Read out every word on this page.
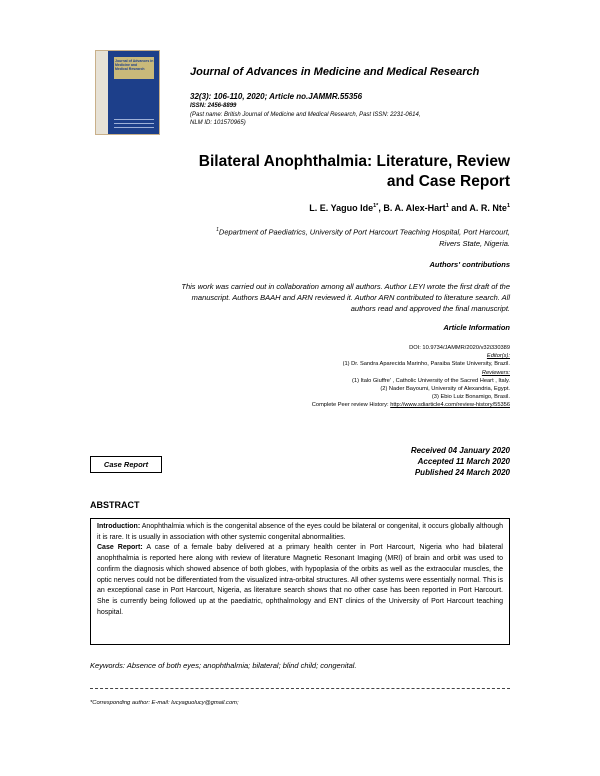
Journal of Advances in
Medicine and
Medical Research	Journal of Advances in Medicine and Medical Research
32(3): 106-110, 2020; Article no.JAMMR.55356
ISSN: 2456-8899
(Past name: British Journal of Medicine and Medical Research, Past ISSN: 2231-0614,
NLM ID: 101570965)
Bilateral Anophthalmia: Literature, Review
and Case Report
L. E. Yaguo Ide$^{1*}$, B. A. Alex-Hart$^1$ and A. R. Nte$^1$
$^1$Department of Paediatrics, University of Port Harcourt Teaching Hospital, Port Harcourt,
Rivers State, Nigeria.
Authors' contributions
This work was carried out in collaboration among all authors. Author LEYI wrote the first draft of the
manuscript. Authors BAAH and ARN reviewed it. Author ARN contributed to literature search. All
authors read and approved the final manuscript.
Article Information
DOI: 10.9734/JAMMR/2020/v32i330389
Editor(s):
(1) Dr. Sandra Aparecida Marinho, Paraiba State University, Brazil.
Reviewers:
(1) Italo Giuffre' , Catholic University of the Sacred Heart , Italy.
(2) Nader Bayoumi, University of Alexandria, Egypt.
(3) Ebio Luiz Bonamigo, Brasil.
Complete Peer review History: http://www.sdiarticle4.com/review-history/55356
Received 04 January 2020
Accepted 11 March 2020
Published 24 March 2020
Case Report
ABSTRACT
Introduction: Anophthalmia which is the congenital absence of the eyes could be bilateral or congenital, it occurs globally although it is rare. It is usually in association with other systemic congenital abnormalities.
Case Report: A case of a female baby delivered at a primary health center in Port Harcourt, Nigeria who had bilateral anophthalmia is reported here along with review of literature Magnetic Resonant Imaging (MRI) of brain and orbit was used to confirm the diagnosis which showed absence of both globes, with hypoplasia of the orbits as well as the extraocular muscles, the optic nerves could not be differentiated from the visualized intra-orbital structures. All other systems were essentially normal. This is an exceptional case in Port Harcourt, Nigeria, as literature search shows that no other case has been reported in Port Harcourt. She is currently being followed up at the paediatric, ophthalmology and ENT clinics of the University of Port Harcourt teaching hospital.
Keywords: Absence of both eyes; anophthalmia; bilateral; blind child; congenital.
*Corresponding author: E-mail: lucyaguolucy@gmail.com;
